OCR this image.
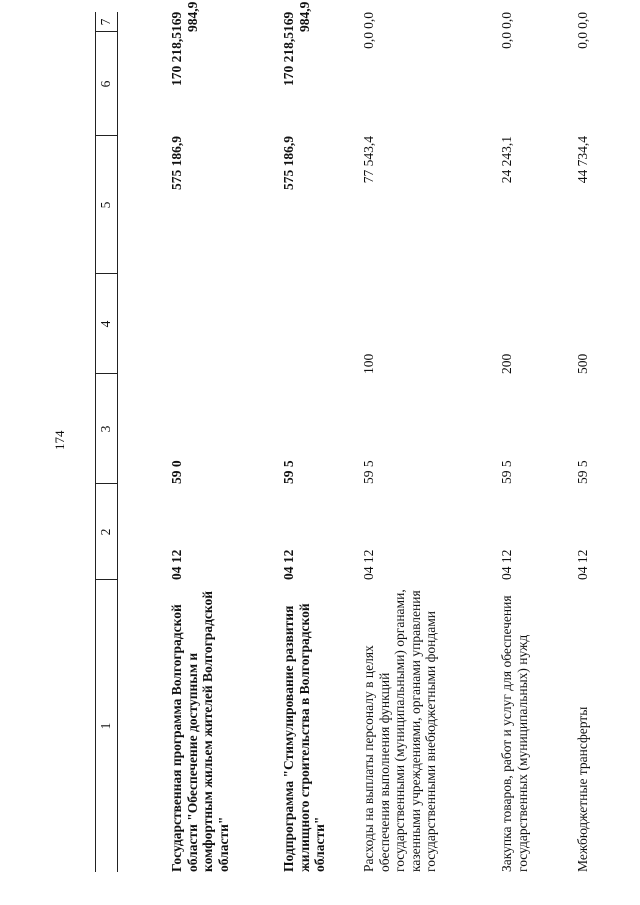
174
1	2	3	4	5	6	7
Государственная программа Волгоградской области "Обеспечение доступным и комфортным жильем жителей Волгоградской области"	04 12	59 0		575 186,9	170 218,5	169 984,9
Подпрограмма "Стимулирование развития жилищного строительства в Волгоградской области"	04 12	59 5		575 186,9	170 218,5	169 984,9
Расходы на выплаты персоналу в целях обеспечения выполнения функций государственными (муниципальными) органами, казенными учреждениями, органами управления государственными внебюджетными фондами	04 12	59 5	100	77 543,4	0,0	0,0
Закупка товаров, работ и услуг для обеспечения государственных (муниципальных) нужд	04 12	59 5	200	24 243,1	0,0	0,0
Межбюджетные трансферты	04 12	59 5	500	44 734,4	0,0	0,0
